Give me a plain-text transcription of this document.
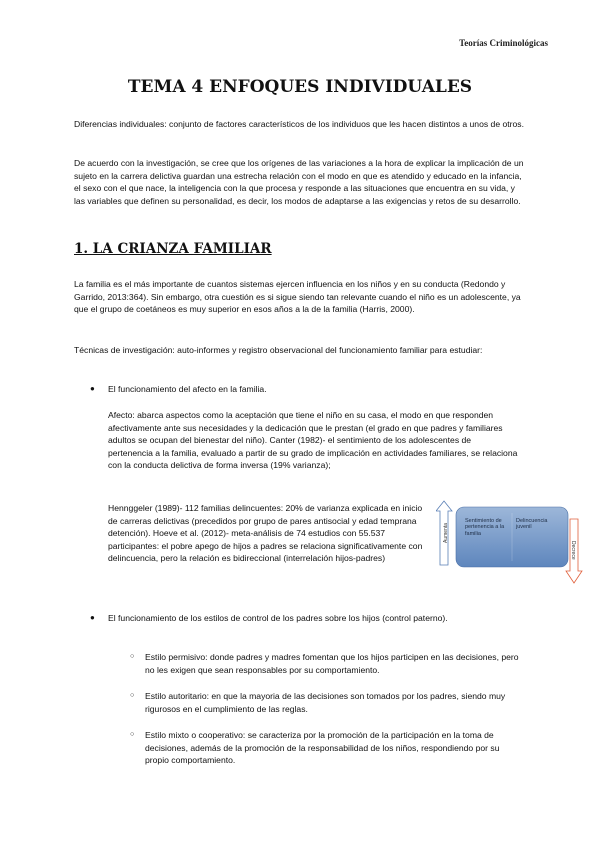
Teorías Criminológicas
TEMA 4 ENFOQUES INDIVIDUALES

Diferencias individuales: conjunto de factores característicos de los individuos que les hacen distintos a unos de otros.

De acuerdo con la investigación, se cree que los orígenes de las variaciones a la hora de explicar la implicación de un sujeto en la carrera delictiva guardan una estrecha relación con el modo en que es atendido y educado en la infancia, el sexo con el que nace, la inteligencia con la que procesa y responde a las situaciones que encuentra en su vida, y las variables que definen su personalidad, es decir, los modos de adaptarse a las exigencias y retos de su desarrollo.

1. LA CRIANZA FAMILIAR

La familia es el más importante de cuantos sistemas ejercen influencia en los niños y en su conducta (Redondo y Garrido, 2013:364). Sin embargo, otra cuestión es si sigue siendo tan relevante cuando el niño es un adolescente, ya que el grupo de coetáneos es muy superior en esos años a la de la familia (Harris, 2000).

Técnicas de investigación: auto-informes y registro observacional del funcionamiento familiar para estudiar:

● El funcionamiento del afecto en la familia.

Afecto: abarca aspectos como la aceptación que tiene el niño en su casa, el modo en que responden afectivamente ante sus necesidades y la dedicación que le prestan (el grado en que padres y familiares adultos se ocupan del bienestar del niño). Canter (1982)- el sentimiento de los adolescentes de pertenencia a la familia, evaluado a partir de su grado de implicación en actividades familiares, se relaciona con la conducta delictiva de forma inversa (19% varianza);

Hennggeler (1989)- 112 familias delincuentes: 20% de varianza explicada en inicio de carreras delictivas (precedidos por grupo de pares antisocial y edad temprana detención). Hoeve et al. (2012)- meta-análisis de 74 estudios con 55.537 participantes: el pobre apego de hijos a padres se relaciona significativamente con delincuencia, pero la relación es bidireccional (interrelación hijos-padres)

Aumenta
Decrece
Sentimiento de pertenencia a la familia
Delincuencia juvenil
● El funcionamiento de los estilos de control de los padres sobre los hijos (control paterno).
○ Estilo permisivo: donde padres y madres fomentan que los hijos participen en las decisiones, pero no les exigen que sean responsables por su comportamiento.

○ Estilo autoritario: en que la mayoria de las decisiones son tomados por los padres, siendo muy rigurosos en el cumplimiento de las reglas.

○ Estilo mixto o cooperativo: se caracteriza por la promoción de la participación en la toma de decisiones, además de la promoción de la responsabilidad de los niños, respondiendo por su propio comportamiento.
